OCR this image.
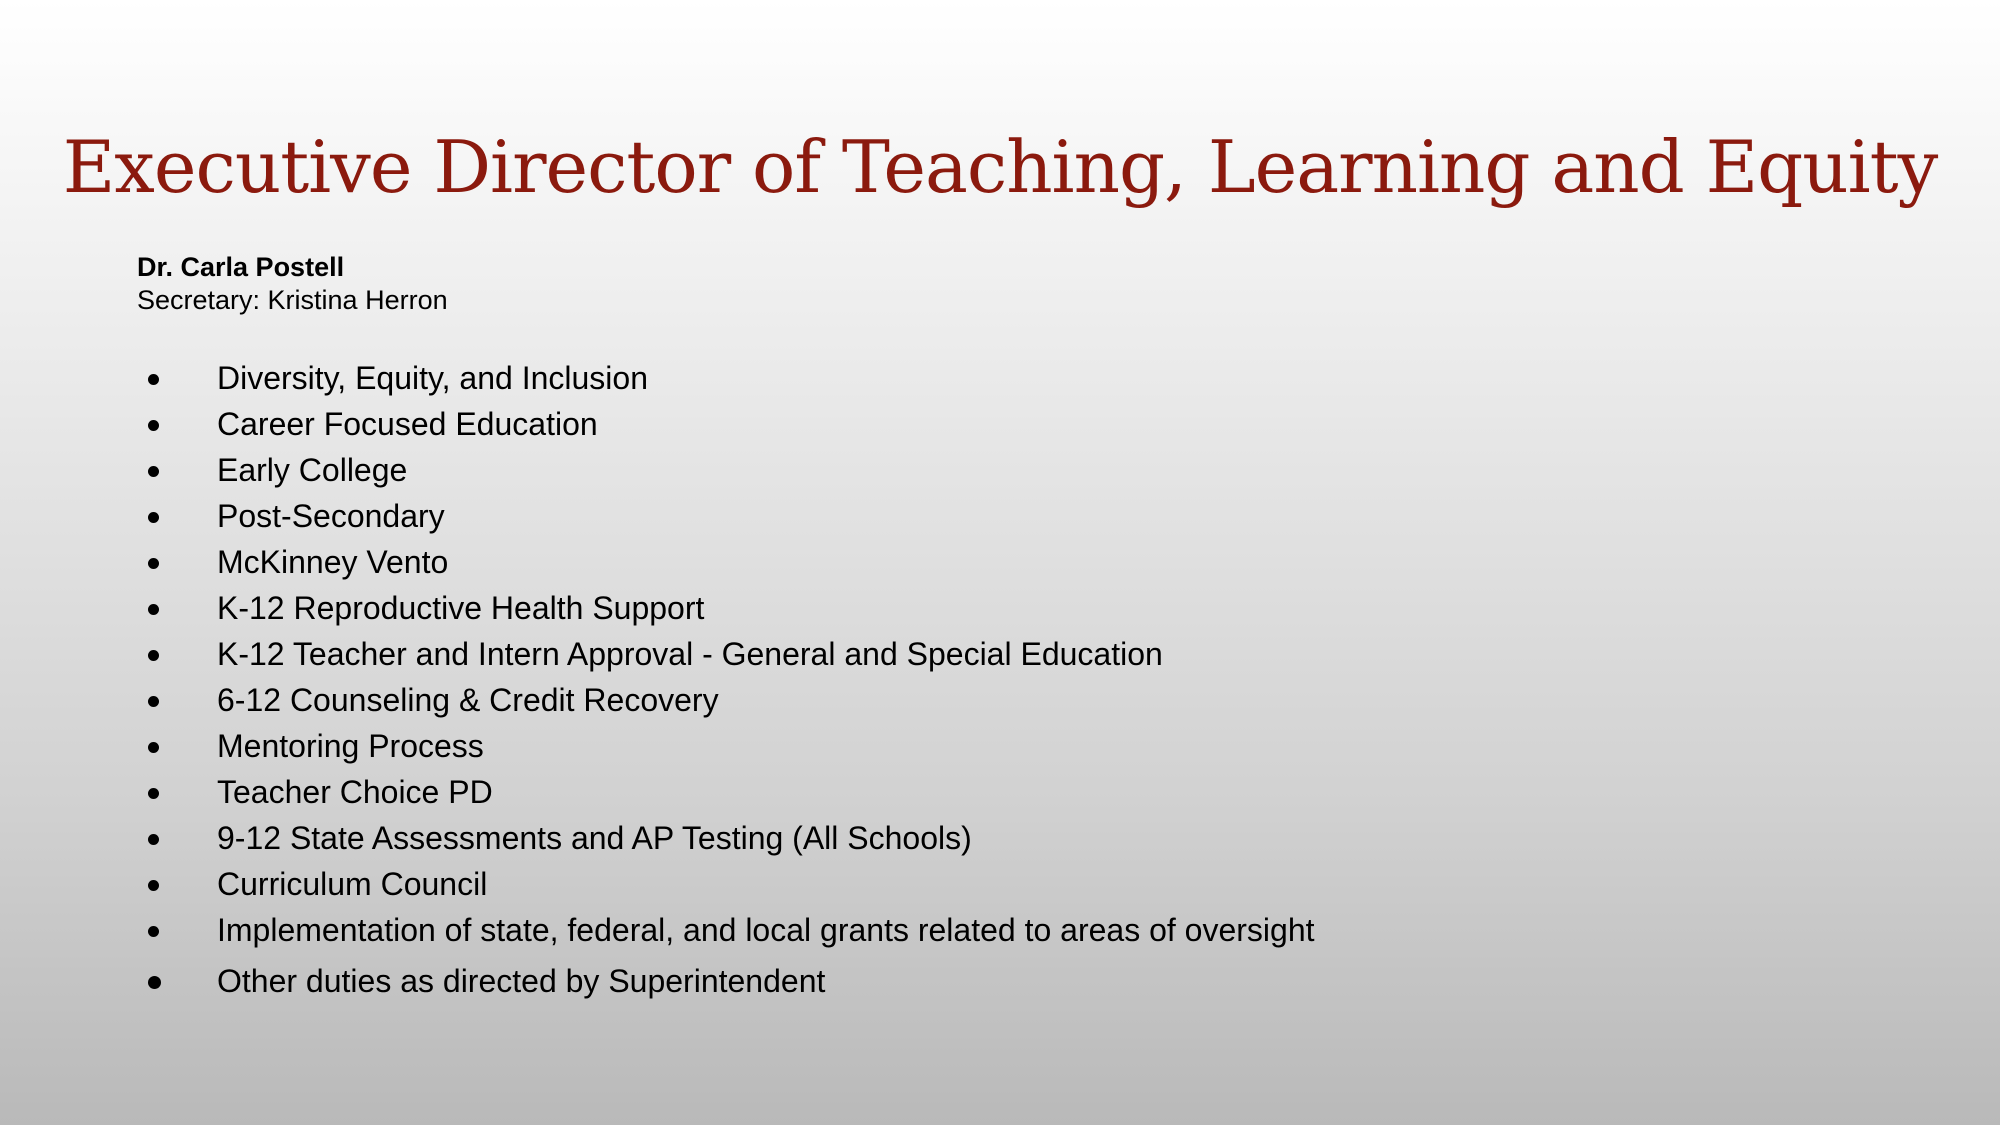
Executive Director of Teaching, Learning and Equity
Dr. Carla Postell
Secretary: Kristina Herron
Diversity, Equity, and Inclusion
Career Focused Education
Early College
Post-Secondary
McKinney Vento
K-12 Reproductive Health Support
K-12 Teacher and Intern Approval - General and Special Education
6-12 Counseling & Credit Recovery
Mentoring Process
Teacher Choice PD
9-12 State Assessments and AP Testing (All Schools)
Curriculum Council
Implementation of state, federal, and local grants related to areas of oversight
Other duties as directed by Superintendent
